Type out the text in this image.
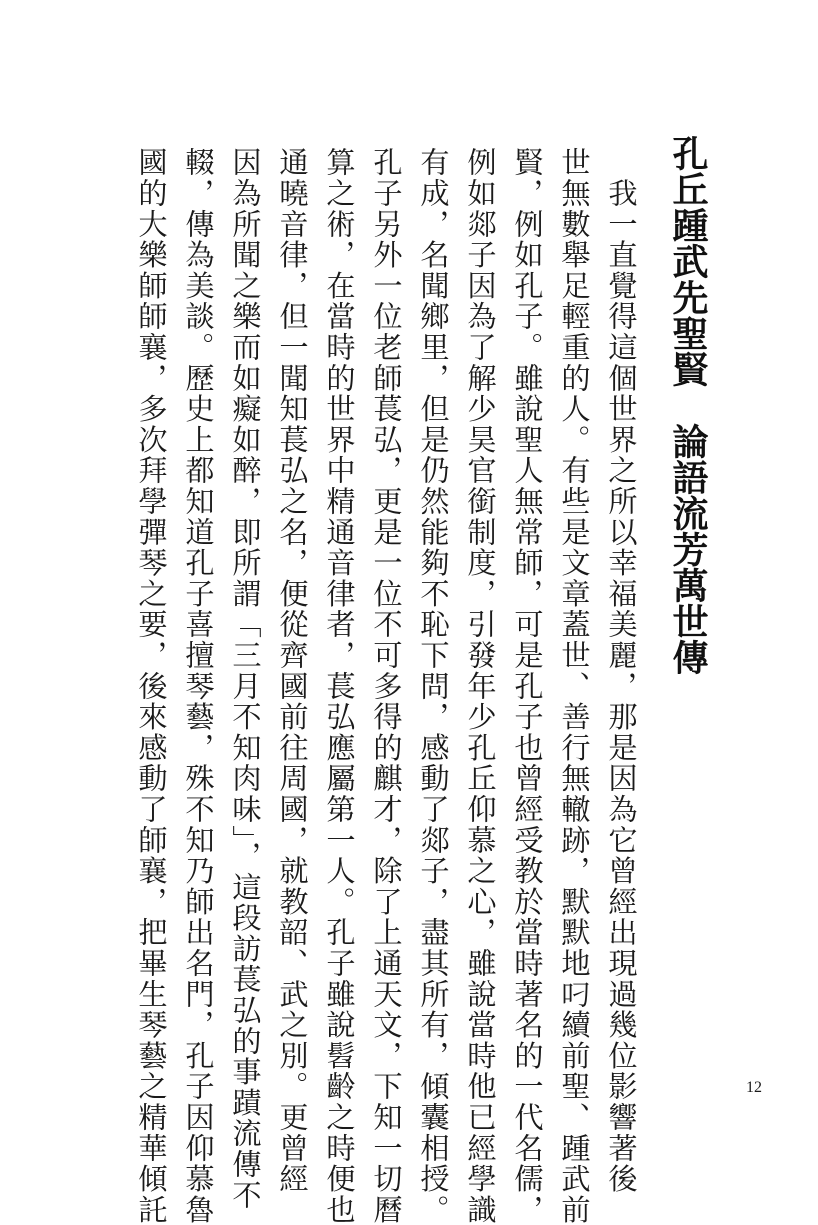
孔丘踵武先聖賢　論語流芳萬世傳
　我一直覺得這個世界之所以幸福美麗，那是因為它曾經出現過幾位影響著後
世無數舉足輕重的人。有些是文章蓋世、善行無轍跡，默默地叼續前聖、踵武前
賢，例如孔子。雖說聖人無常師，可是孔子也曾經受教於當時著名的一代名儒，
例如郯子因為了解少昊官銜制度，引發年少孔丘仰慕之心，雖說當時他已經學識
有成，名聞鄉里，但是仍然能夠不恥下問，感動了郯子，盡其所有，傾囊相授。
孔子另外一位老師萇弘，更是一位不可多得的麒才，除了上通天文，下知一切曆
算之術，在當時的世界中精通音律者，萇弘應屬第一人。孔子雖說髫齡之時便也
通曉音律，但一聞知萇弘之名，便從齊國前往周國，就教韶、武之別。更曾經
因為所聞之樂而如癡如醉，即所謂「三月不知肉味」，這段訪萇弘的事蹟流傳不
輟，傳為美談。歷史上都知道孔子喜擅琴藝，殊不知乃師出名門，孔子因仰慕魯
國的大樂師師襄，多次拜學彈琴之要，後來感動了師襄，把畢生琴藝之精華傾託	12
